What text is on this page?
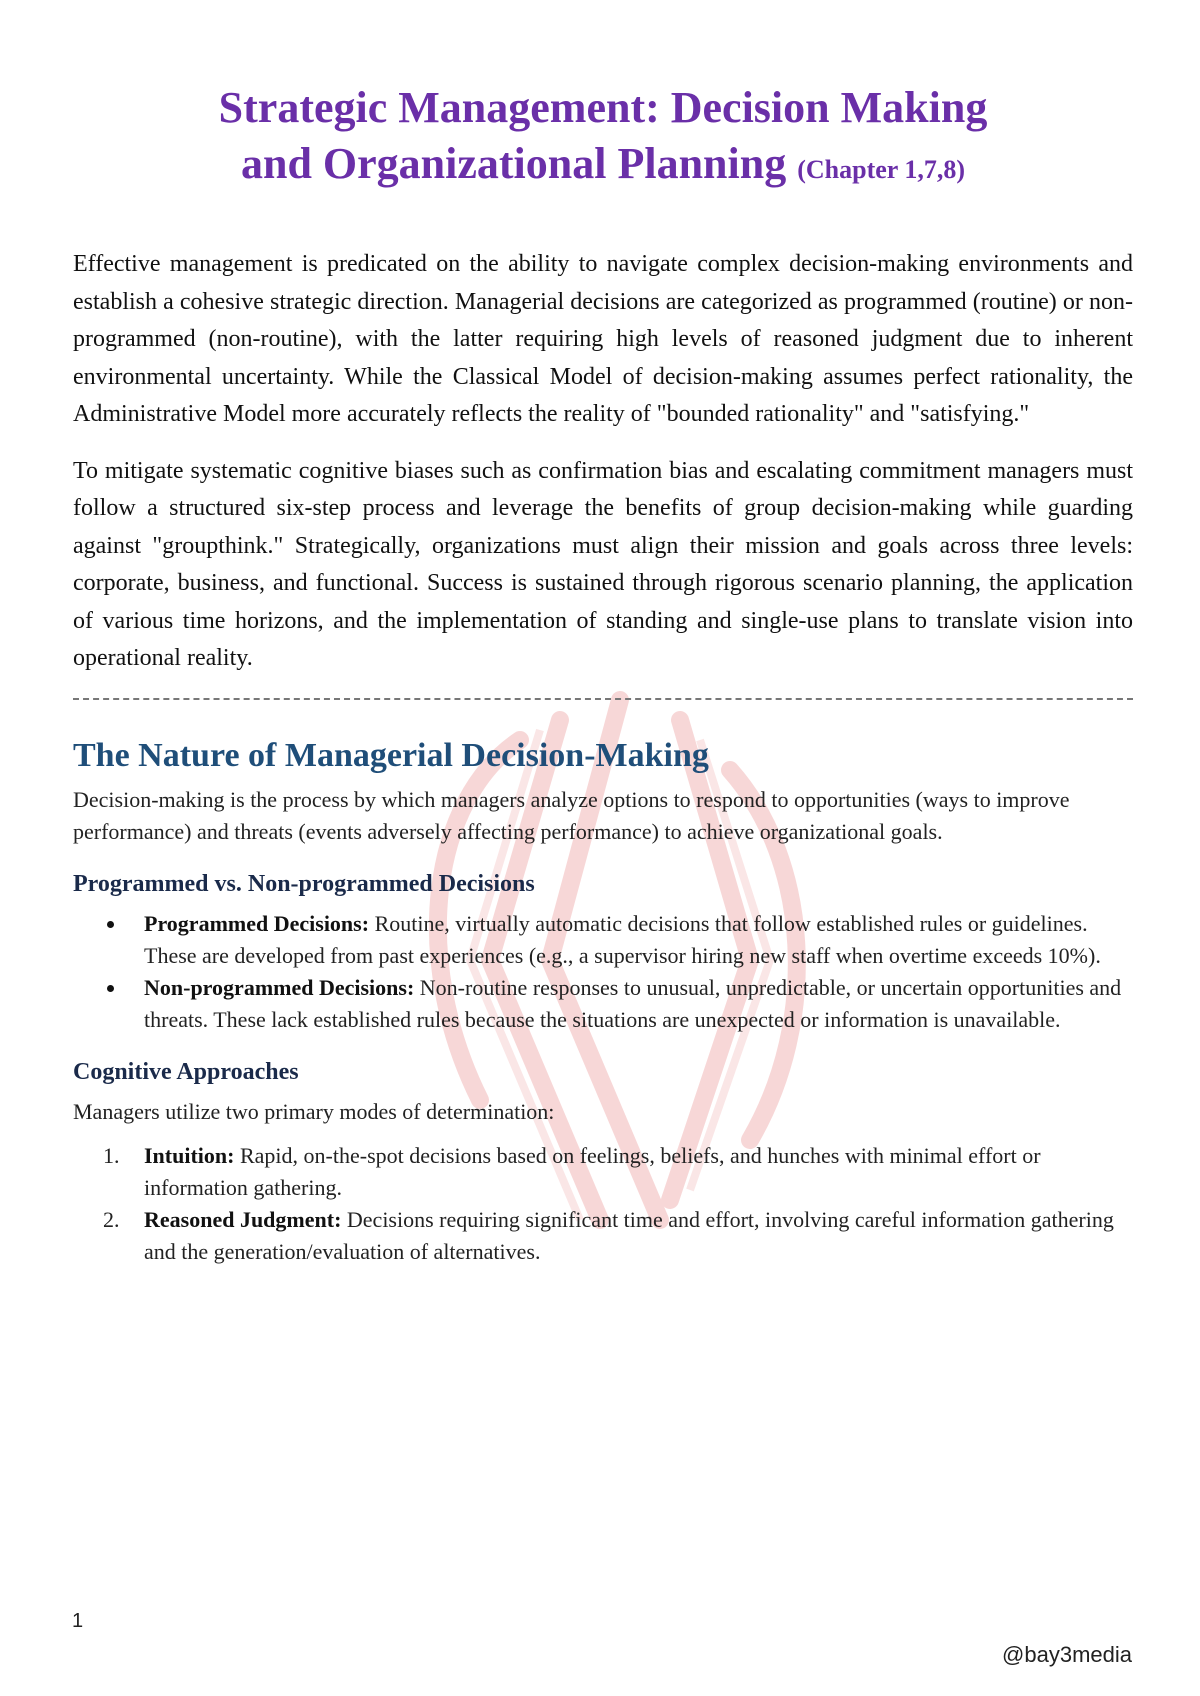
Strategic Management: Decision Making
and Organizational Planning (Chapter 1,7,8)

Effective management is predicated on the ability to navigate complex decision-making environments and establish a cohesive strategic direction. Managerial decisions are categorized as programmed (routine) or non-programmed (non-routine), with the latter requiring high levels of reasoned judgment due to inherent environmental uncertainty. While the Classical Model of decision-making assumes perfect rationality, the Administrative Model more accurately reflects the reality of "bounded rationality" and "satisfying."

To mitigate systematic cognitive biases such as confirmation bias and escalating commitment managers must follow a structured six-step process and leverage the benefits of group decision-making while guarding against "groupthink." Strategically, organizations must align their mission and goals across three levels: corporate, business, and functional. Success is sustained through rigorous scenario planning, the application of various time horizons, and the implementation of standing and single-use plans to translate vision into operational reality.

The Nature of Managerial Decision-Making

Decision-making is the process by which managers analyze options to respond to opportunities (ways to improve performance) and threats (events adversely affecting performance) to achieve organizational goals.

Programmed vs. Non-programmed Decisions
Programmed Decisions: Routine, virtually automatic decisions that follow established rules or guidelines. These are developed from past experiences (e.g., a supervisor hiring new staff when overtime exceeds 10%).
Non-programmed Decisions: Non-routine responses to unusual, unpredictable, or uncertain opportunities and threats. These lack established rules because the situations are unexpected or information is unavailable.
Cognitive Approaches

Managers utilize two primary modes of determination:

1. Intuition: Rapid, on-the-spot decisions based on feelings, beliefs, and hunches with minimal effort or information gathering.
2. Reasoned Judgment: Decisions requiring significant time and effort, involving careful information gathering and the generation/evaluation of alternatives.
1
@bay3media
